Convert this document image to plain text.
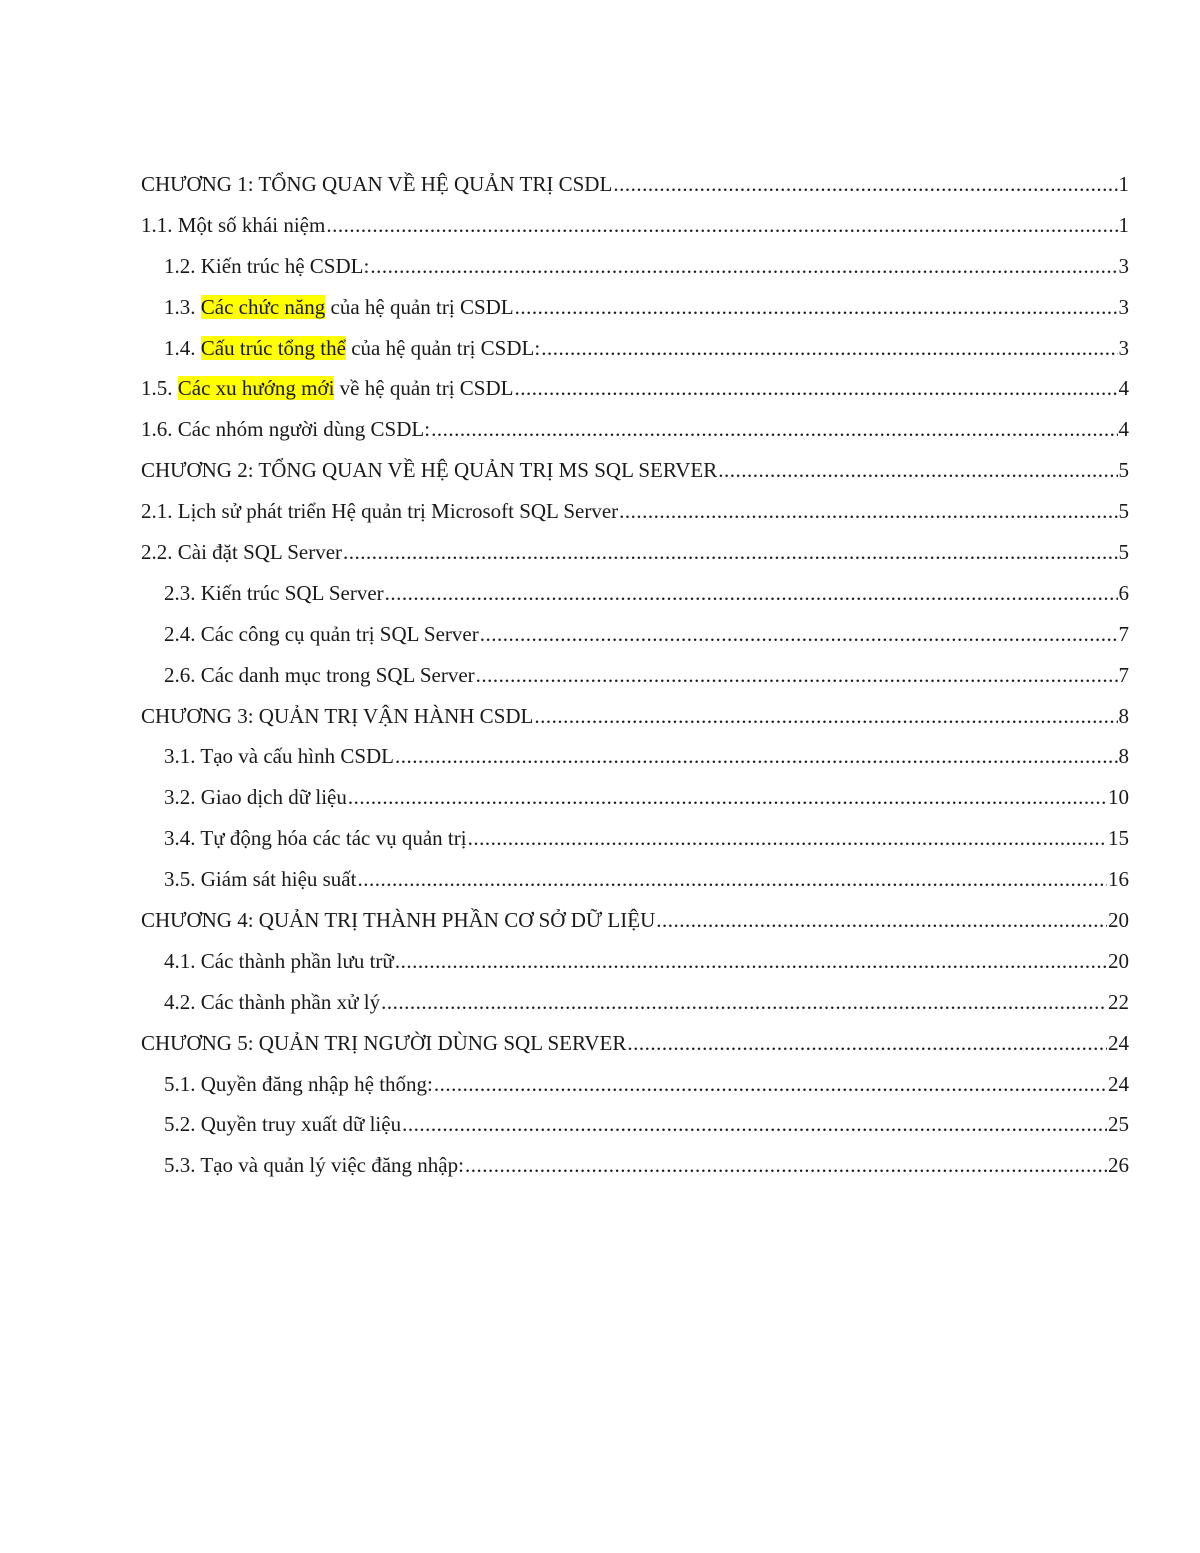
CHƯƠNG 1: TỔNG QUAN VỀ HỆ QUẢN TRỊ CSDL .....	1
1.1. Một số khái niệm .....	1
1.2. Kiến trúc hệ CSDL: .....	3
1.3. Các chức năng của hệ quản trị CSDL .....	3
1.4. Cấu trúc tổng thể của hệ quản trị CSDL: .....	3
1.5. Các xu hướng mới về hệ quản trị CSDL .....	4
1.6. Các nhóm người dùng CSDL: .....	4
CHƯƠNG 2: TỔNG QUAN VỀ HỆ QUẢN TRỊ MS SQL SERVER .....	5
2.1. Lịch sử phát triển Hệ quản trị Microsoft SQL Server .....	5
2.2. Cài đặt SQL Server .....	5
2.3. Kiến trúc SQL Server .....	6
2.4. Các công cụ quản trị SQL Server .....	7
2.6. Các danh mục trong SQL Server .....	7
CHƯƠNG 3: QUẢN TRỊ VẬN HÀNH CSDL .....	8
3.1. Tạo và cấu hình CSDL .....	8
3.2. Giao dịch dữ liệu .....	10
3.4. Tự động hóa các tác vụ quản trị .....	15
3.5. Giám sát hiệu suất .....	16
CHƯƠNG 4: QUẢN TRỊ THÀNH PHẦN CƠ SỞ DỮ LIỆU .....	20
4.1. Các thành phần lưu trữ .....	20
4.2. Các thành phần xử lý .....	22
CHƯƠNG 5: QUẢN TRỊ NGƯỜI DÙNG SQL SERVER .....	24
5.1. Quyền đăng nhập hệ thống: .....	24
5.2. Quyền truy xuất dữ liệu .....	25
5.3. Tạo và quản lý việc đăng nhập: .....	26
